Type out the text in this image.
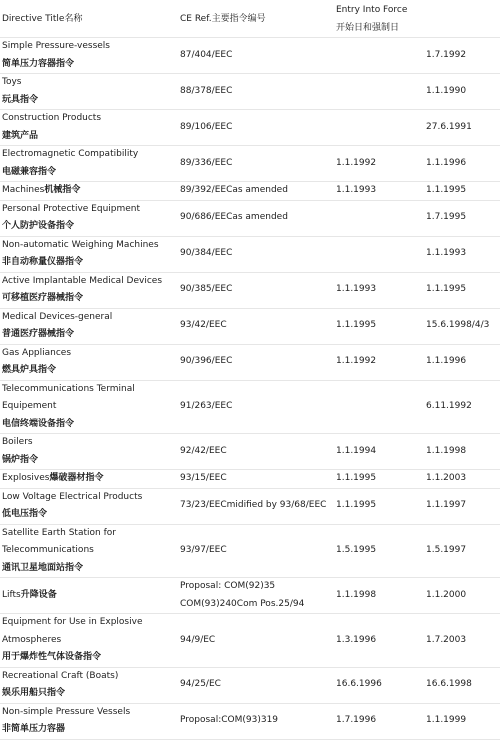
Directive Title名称	CE Ref.主要指令编号	Entry Into Force
开始日和强制日	

Simple Pressure-vessels
简单压力容器指令	87/404/EEC		1.7.1992

Toys
玩具指令	88/378/EEC		1.1.1990

Construction Products
建筑产品	89/106/EEC		27.6.1991

Electromagnetic Compatibility
电磁兼容指令	89/336/EEC	1.1.1992	1.1.1996

Machines机械指令	89/392/EECas amended	1.1.1993	1.1.1995

Personal Protective Equipment
个人防护设备指令	90/686/EECas amended		1.7.1995

Non-automatic Weighing Machines
非自动称量仪器指令	90/384/EEC		1.1.1993

Active Implantable Medical Devices
可移植医疗器械指令	90/385/EEC	1.1.1993	1.1.1995

Medical Devices-general
普通医疗器械指令	93/42/EEC	1.1.1995	15.6.1998/4/3

Gas Appliances
燃具炉具指令	90/396/EEC	1.1.1992	1.1.1996

Telecommunications Terminal
Equipement
电信终端设备指令	91/263/EEC		6.11.1992

Boilers
锅炉指令	92/42/EEC	1.1.1994	1.1.1998

Explosives爆破器材指令	93/15/EEC	1.1.1995	1.1.2003

Low Voltage Electrical Products
低电压指令	73/23/EECmidified by 93/68/EEC	1.1.1995	1.1.1997

Satellite Earth Station for
Telecommunications
通讯卫星地面站指令	93/97/EEC	1.5.1995	1.5.1997

Lifts升降设备	Proposal: COM(92)35
COM(93)240Com Pos.25/94	1.1.1998	1.1.2000

Equipment for Use in Explosive
Atmospheres
用于爆炸性气体设备指令	94/9/EC	1.3.1996	1.7.2003

Recreational Craft (Boats)
娱乐用船只指令	94/25/EC	16.6.1996	16.6.1998

Non-simple Pressure Vessels
非简单压力容器	Proposal:COM(93)319	1.7.1996	1.1.1999
